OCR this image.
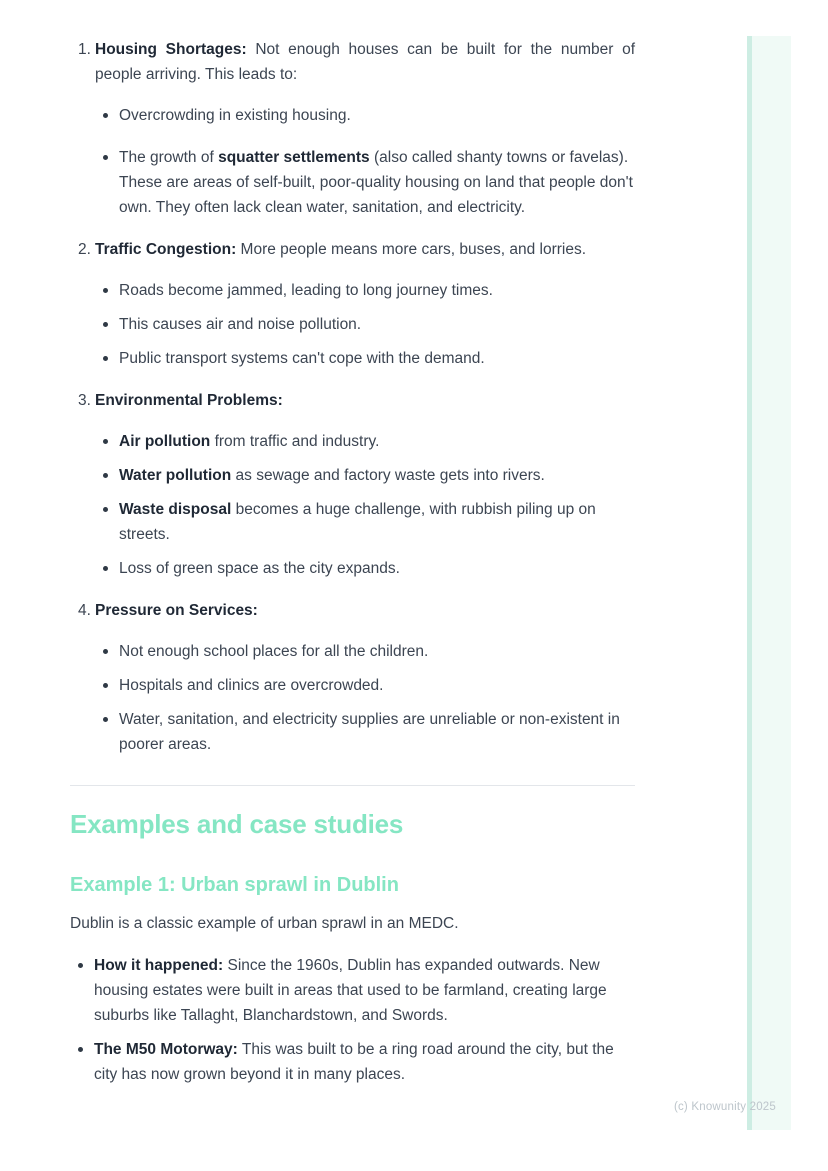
1. Housing Shortages: Not enough houses can be built for the number of people arriving. This leads to:

Overcrowding in existing housing.

The growth of squatter settlements (also called shanty towns or favelas). These are areas of self-built, poor-quality housing on land that people don't own. They often lack clean water, sanitation, and electricity.

2. Traffic Congestion: More people means more cars, buses, and lorries.

Roads become jammed, leading to long journey times.

This causes air and noise pollution.

Public transport systems can't cope with the demand.

3. Environmental Problems:

Air pollution from traffic and industry.

Water pollution as sewage and factory waste gets into rivers.

Waste disposal becomes a huge challenge, with rubbish piling up on streets.

Loss of green space as the city expands.

4. Pressure on Services:

Not enough school places for all the children.

Hospitals and clinics are overcrowded.

Water, sanitation, and electricity supplies are unreliable or non-existent in poorer areas.

Examples and case studies
Example 1: Urban sprawl in Dublin

Dublin is a classic example of urban sprawl in an MEDC.

How it happened: Since the 1960s, Dublin has expanded outwards. New housing estates were built in areas that used to be farmland, creating large suburbs like Tallaght, Blanchardstown, and Swords.

The M50 Motorway: This was built to be a ring road around the city, but the city has now grown beyond it in many places.

(c) Knowunity 2025
